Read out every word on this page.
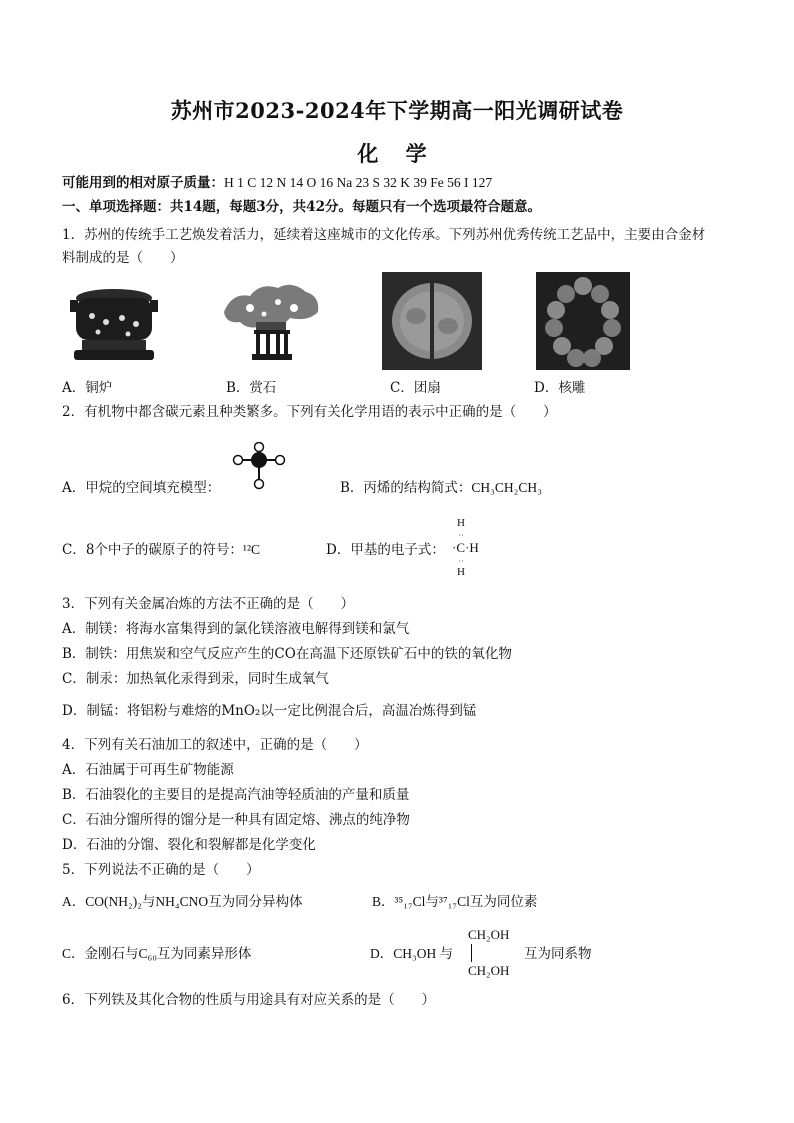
苏州市2023-2024年下学期高一阳光调研试卷
化 学
可能用到的相对原子质量：H 1 C 12 N 14 O 16 Na 23 S 32 K 39 Fe 56 I 127
一、单项选择题：共14题，每题3分，共42分。每题只有一个选项最符合题意。
1．苏州的传统手工艺焕发着活力，延续着这座城市的文化传承。下列苏州优秀传统工艺品中，主要由合金材
料制成的是（　　）
A．铜炉	B．赏石	C．团扇	D．核雕
2．有机物中都含碳元素且种类繁多。下列有关化学用语的表示中正确的是（　　）
A．甲烷的空间填充模型：	B．丙烯的结构简式：CH₃CH₂CH₃
C．8个中子的碳原子的符号：¹²C	D．甲基的电子式：
H
··
·C·H
··
H
3．下列有关金属冶炼的方法不正确的是（　　）
A．制镁：将海水富集得到的氯化镁溶液电解得到镁和氯气
B．制铁：用焦炭和空气反应产生的CO在高温下还原铁矿石中的铁的氧化物
C．制汞：加热氧化汞得到汞，同时生成氧气
D．制锰：将铝粉与难熔的MnO₂以一定比例混合后，高温冶炼得到锰
4．下列有关石油加工的叙述中，正确的是（　　）
A．石油属于可再生矿物能源
B．石油裂化的主要目的是提高汽油等轻质油的产量和质量
C．石油分馏所得的馏分是一种具有固定熔、沸点的纯净物
D．石油的分馏、裂化和裂解都是化学变化
5．下列说法不正确的是（　　）
A．CO(NH₂)₂与NH₄CNO互为同分异构体	B．³⁵₁₇Cl与³⁷₁₇Cl互为同位素
C．金刚石与C₆₀互为同素异形体	D．CH₃OH 与
CH₂OH
CH₂OH
互为同系物
6．下列铁及其化合物的性质与用途具有对应关系的是（　　）
